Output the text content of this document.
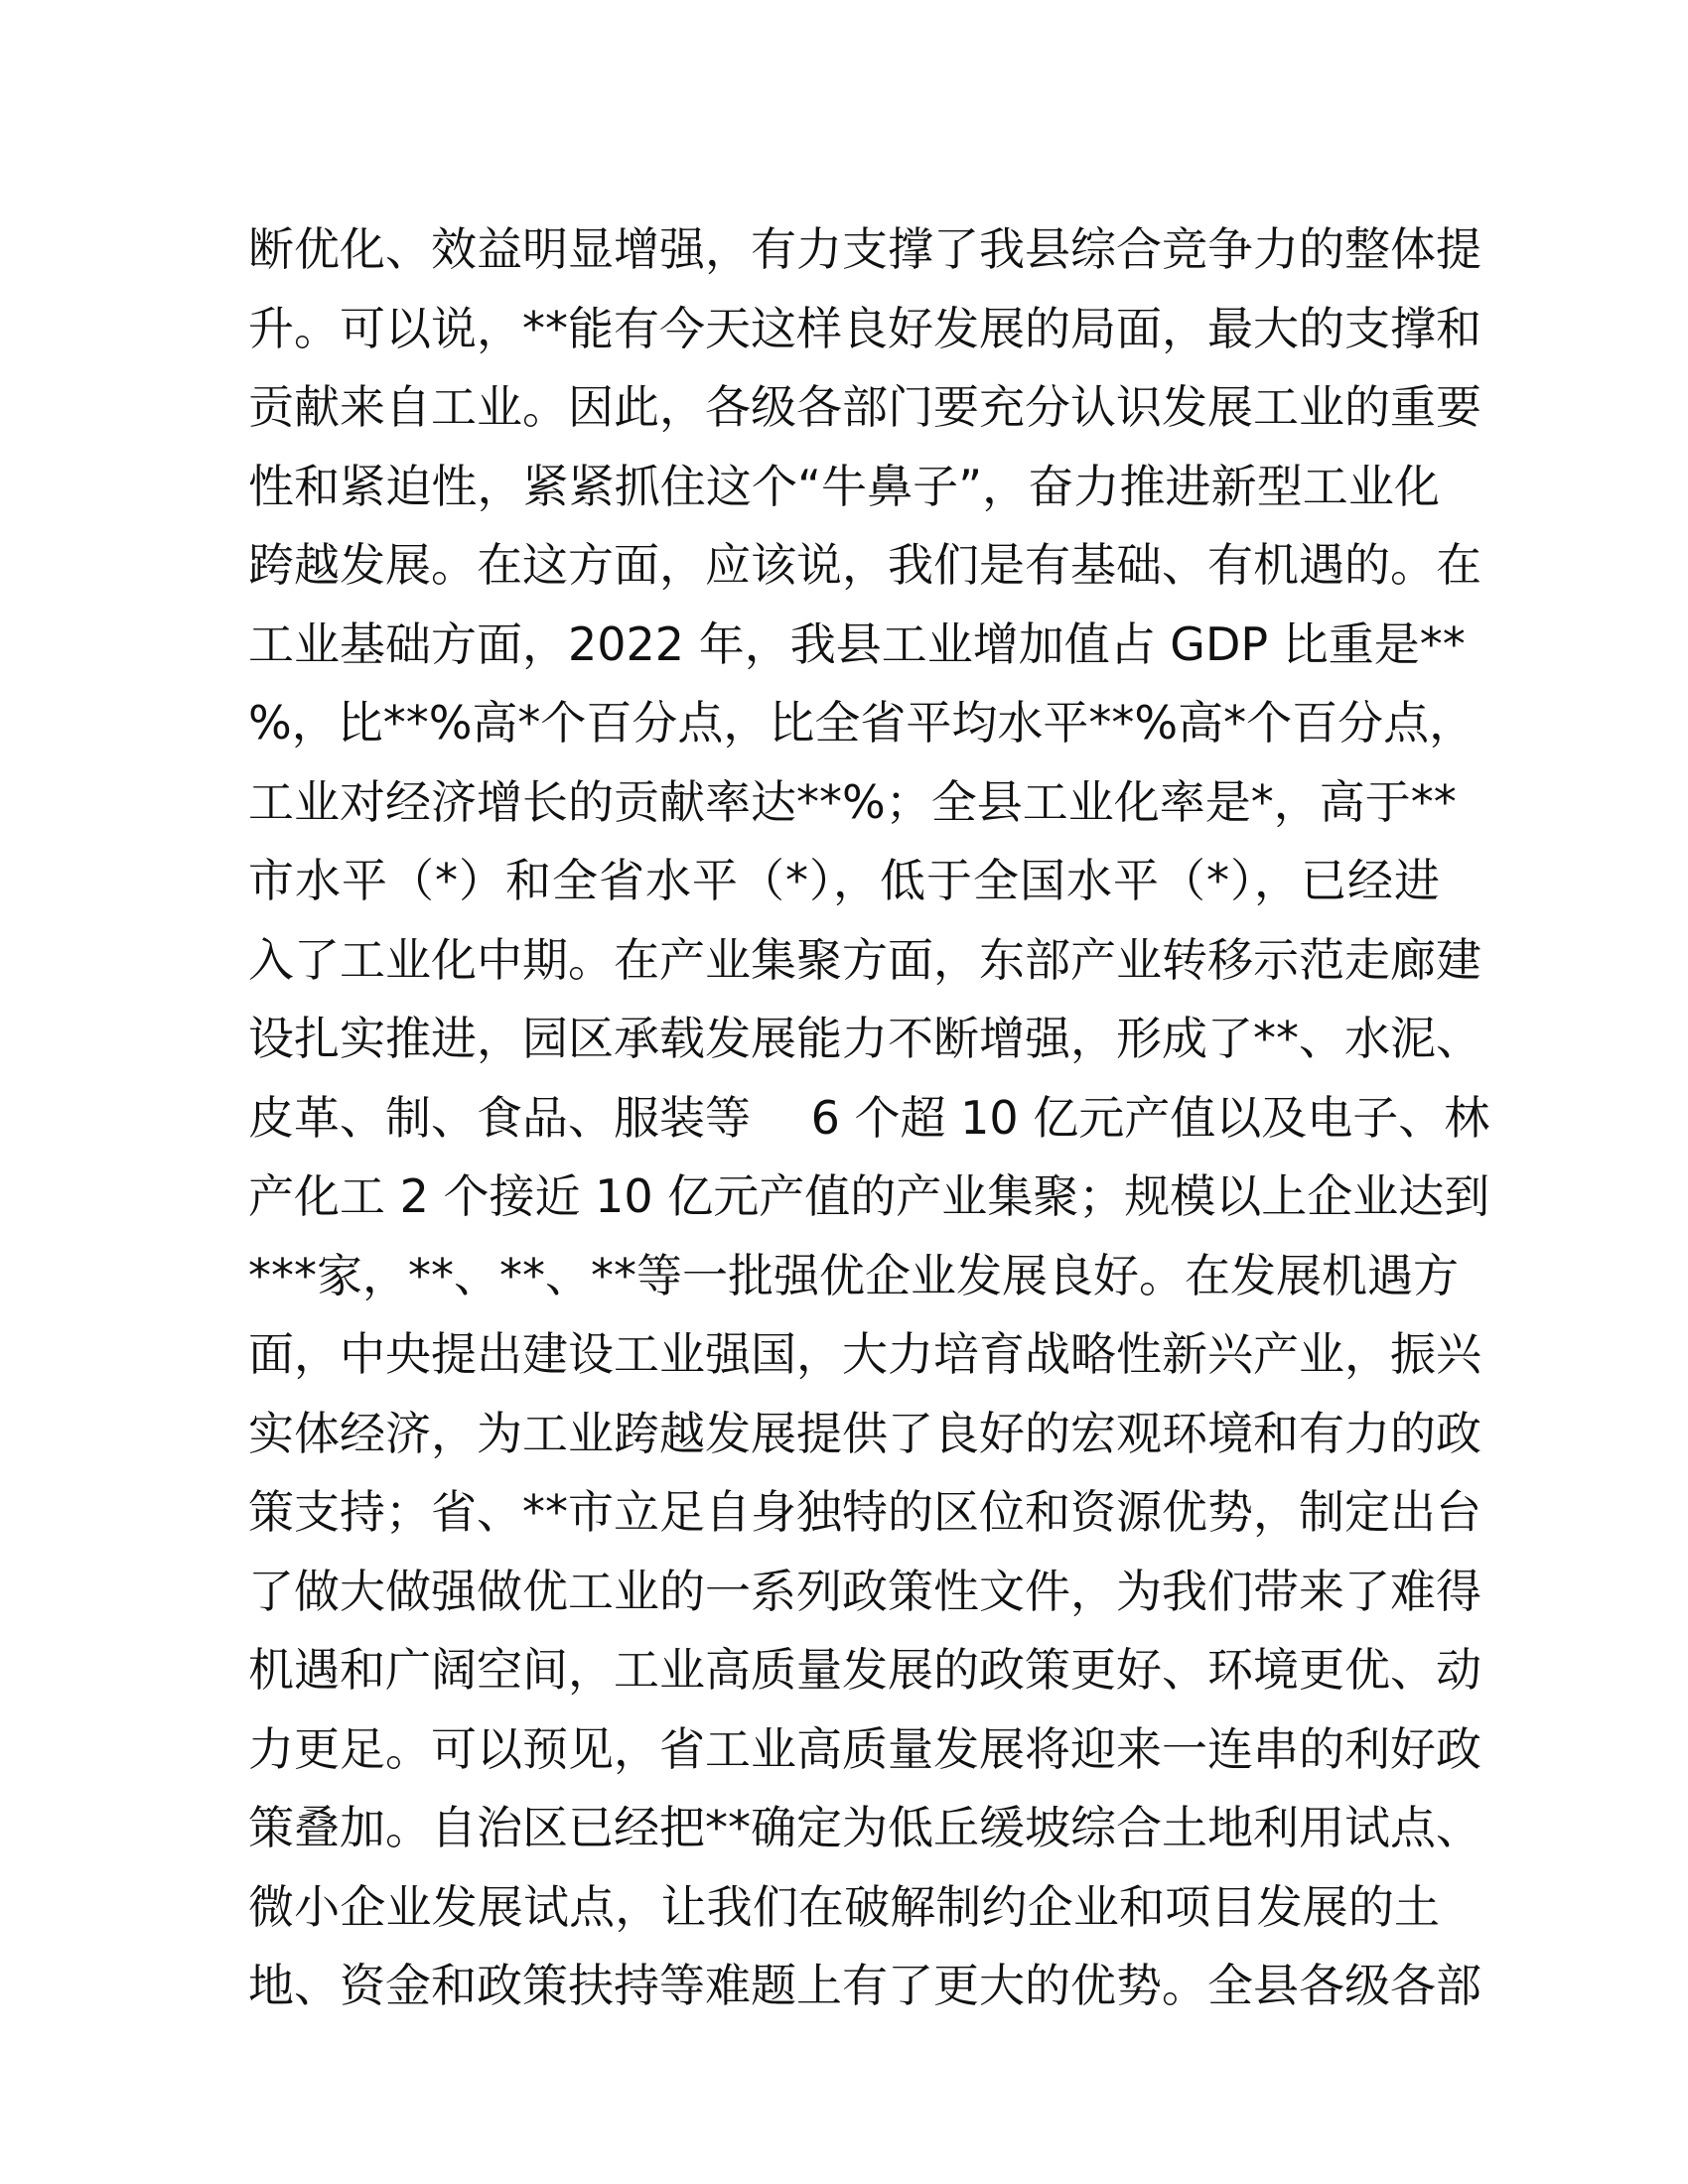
断优化、效益明显增强，有力支撑了我县综合竞争力的整体提
升。可以说，**能有今天这样良好发展的局面，最大的支撑和
贡献来自工业。因此，各级各部门要充分认识发展工业的重要
性和紧迫性，紧紧抓住这个“牛鼻子”，奋力推进新型工业化
跨越发展。在这方面，应该说，我们是有基础、有机遇的。在
工业基础方面，2022 年，我县工业增加值占 GDP 比重是**
%，比**%高*个百分点，比全省平均水平**%高*个百分点，
工业对经济增长的贡献率达**%；全县工业化率是*，高于**
市水平（*）和全省水平（*），低于全国水平（*），已经进
入了工业化中期。在产业集聚方面，东部产业转移示范走廊建
设扎实推进，园区承载发展能力不断增强，形成了**、水泥、
皮革、制、食品、服装等　 6 个超 10 亿元产值以及电子、林
产化工 2 个接近 10 亿元产值的产业集聚；规模以上企业达到
***家，**、**、**等一批强优企业发展良好。在发展机遇方
面，中央提出建设工业强国，大力培育战略性新兴产业，振兴
实体经济，为工业跨越发展提供了良好的宏观环境和有力的政
策支持；省、**市立足自身独特的区位和资源优势，制定出台
了做大做强做优工业的一系列政策性文件，为我们带来了难得
机遇和广阔空间，工业高质量发展的政策更好、环境更优、动
力更足。可以预见，省工业高质量发展将迎来一连串的利好政
策叠加。自治区已经把**确定为低丘缓坡综合土地利用试点、
微小企业发展试点，让我们在破解制约企业和项目发展的土
地、资金和政策扶持等难题上有了更大的优势。全县各级各部
